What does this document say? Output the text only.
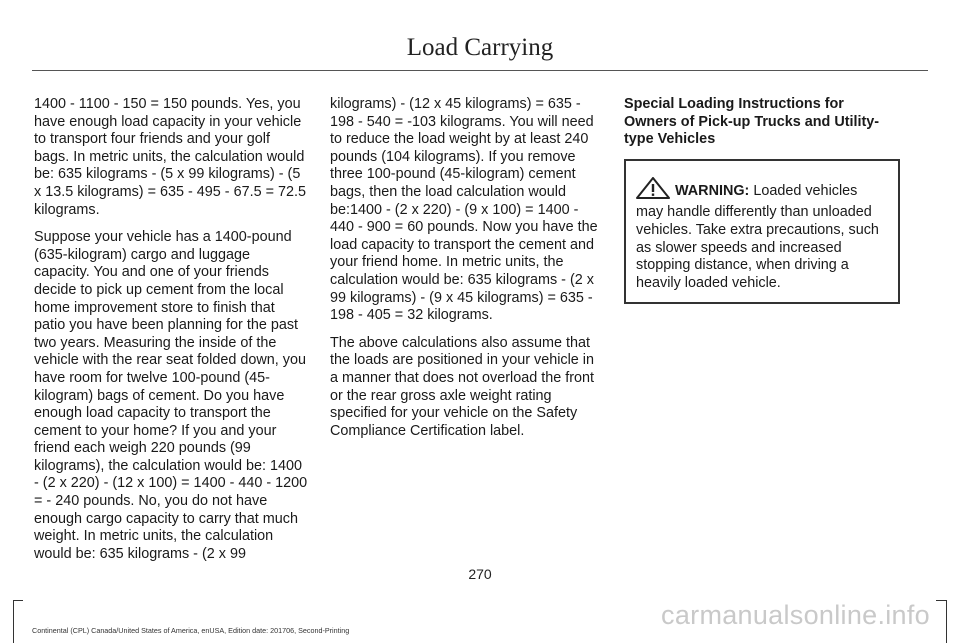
Load Carrying

1400 - 1100 - 150 = 150 pounds. Yes, you have enough load capacity in your vehicle to transport four friends and your golf bags. In metric units, the calculation would be: 635 kilograms - (5 x 99 kilograms) - (5 x 13.5 kilograms) = 635 - 495 - 67.5 = 72.5 kilograms.

Suppose your vehicle has a 1400-pound (635-kilogram) cargo and luggage capacity. You and one of your friends decide to pick up cement from the local home improvement store to finish that patio you have been planning for the past two years. Measuring the inside of the vehicle with the rear seat folded down, you have room for twelve 100-pound (45-kilogram) bags of cement. Do you have enough load capacity to transport the cement to your home? If you and your friend each weigh 220 pounds (99 kilograms), the calculation would be: 1400 - (2 x 220) - (12 x 100) = 1400 - 440 - 1200 = - 240 pounds. No, you do not have enough cargo capacity to carry that much weight. In metric units, the calculation would be: 635 kilograms - (2 x 99

kilograms) - (12 x 45 kilograms) = 635 - 198 - 540 = -103 kilograms. You will need to reduce the load weight by at least 240 pounds (104 kilograms). If you remove three 100-pound (45-kilogram) cement bags, then the load calculation would be:1400 - (2 x 220) - (9 x 100) = 1400 - 440 - 900 = 60 pounds. Now you have the load capacity to transport the cement and your friend home. In metric units, the calculation would be: 635 kilograms - (2 x 99 kilograms) - (9 x 45 kilograms) = 635 - 198 - 405 = 32 kilograms.

The above calculations also assume that the loads are positioned in your vehicle in a manner that does not overload the front or the rear gross axle weight rating specified for your vehicle on the Safety Compliance Certification label.

Special Loading Instructions for Owners of Pick-up Trucks and Utility-type Vehicles

WARNING: Loaded vehicles may handle differently than unloaded vehicles. Take extra precautions, such as slower speeds and increased stopping distance, when driving a heavily loaded vehicle.
270
Continental (CPL) Canada/United States of America, enUSA, Edition date: 201706, Second-Printing
carmanualsonline.info
